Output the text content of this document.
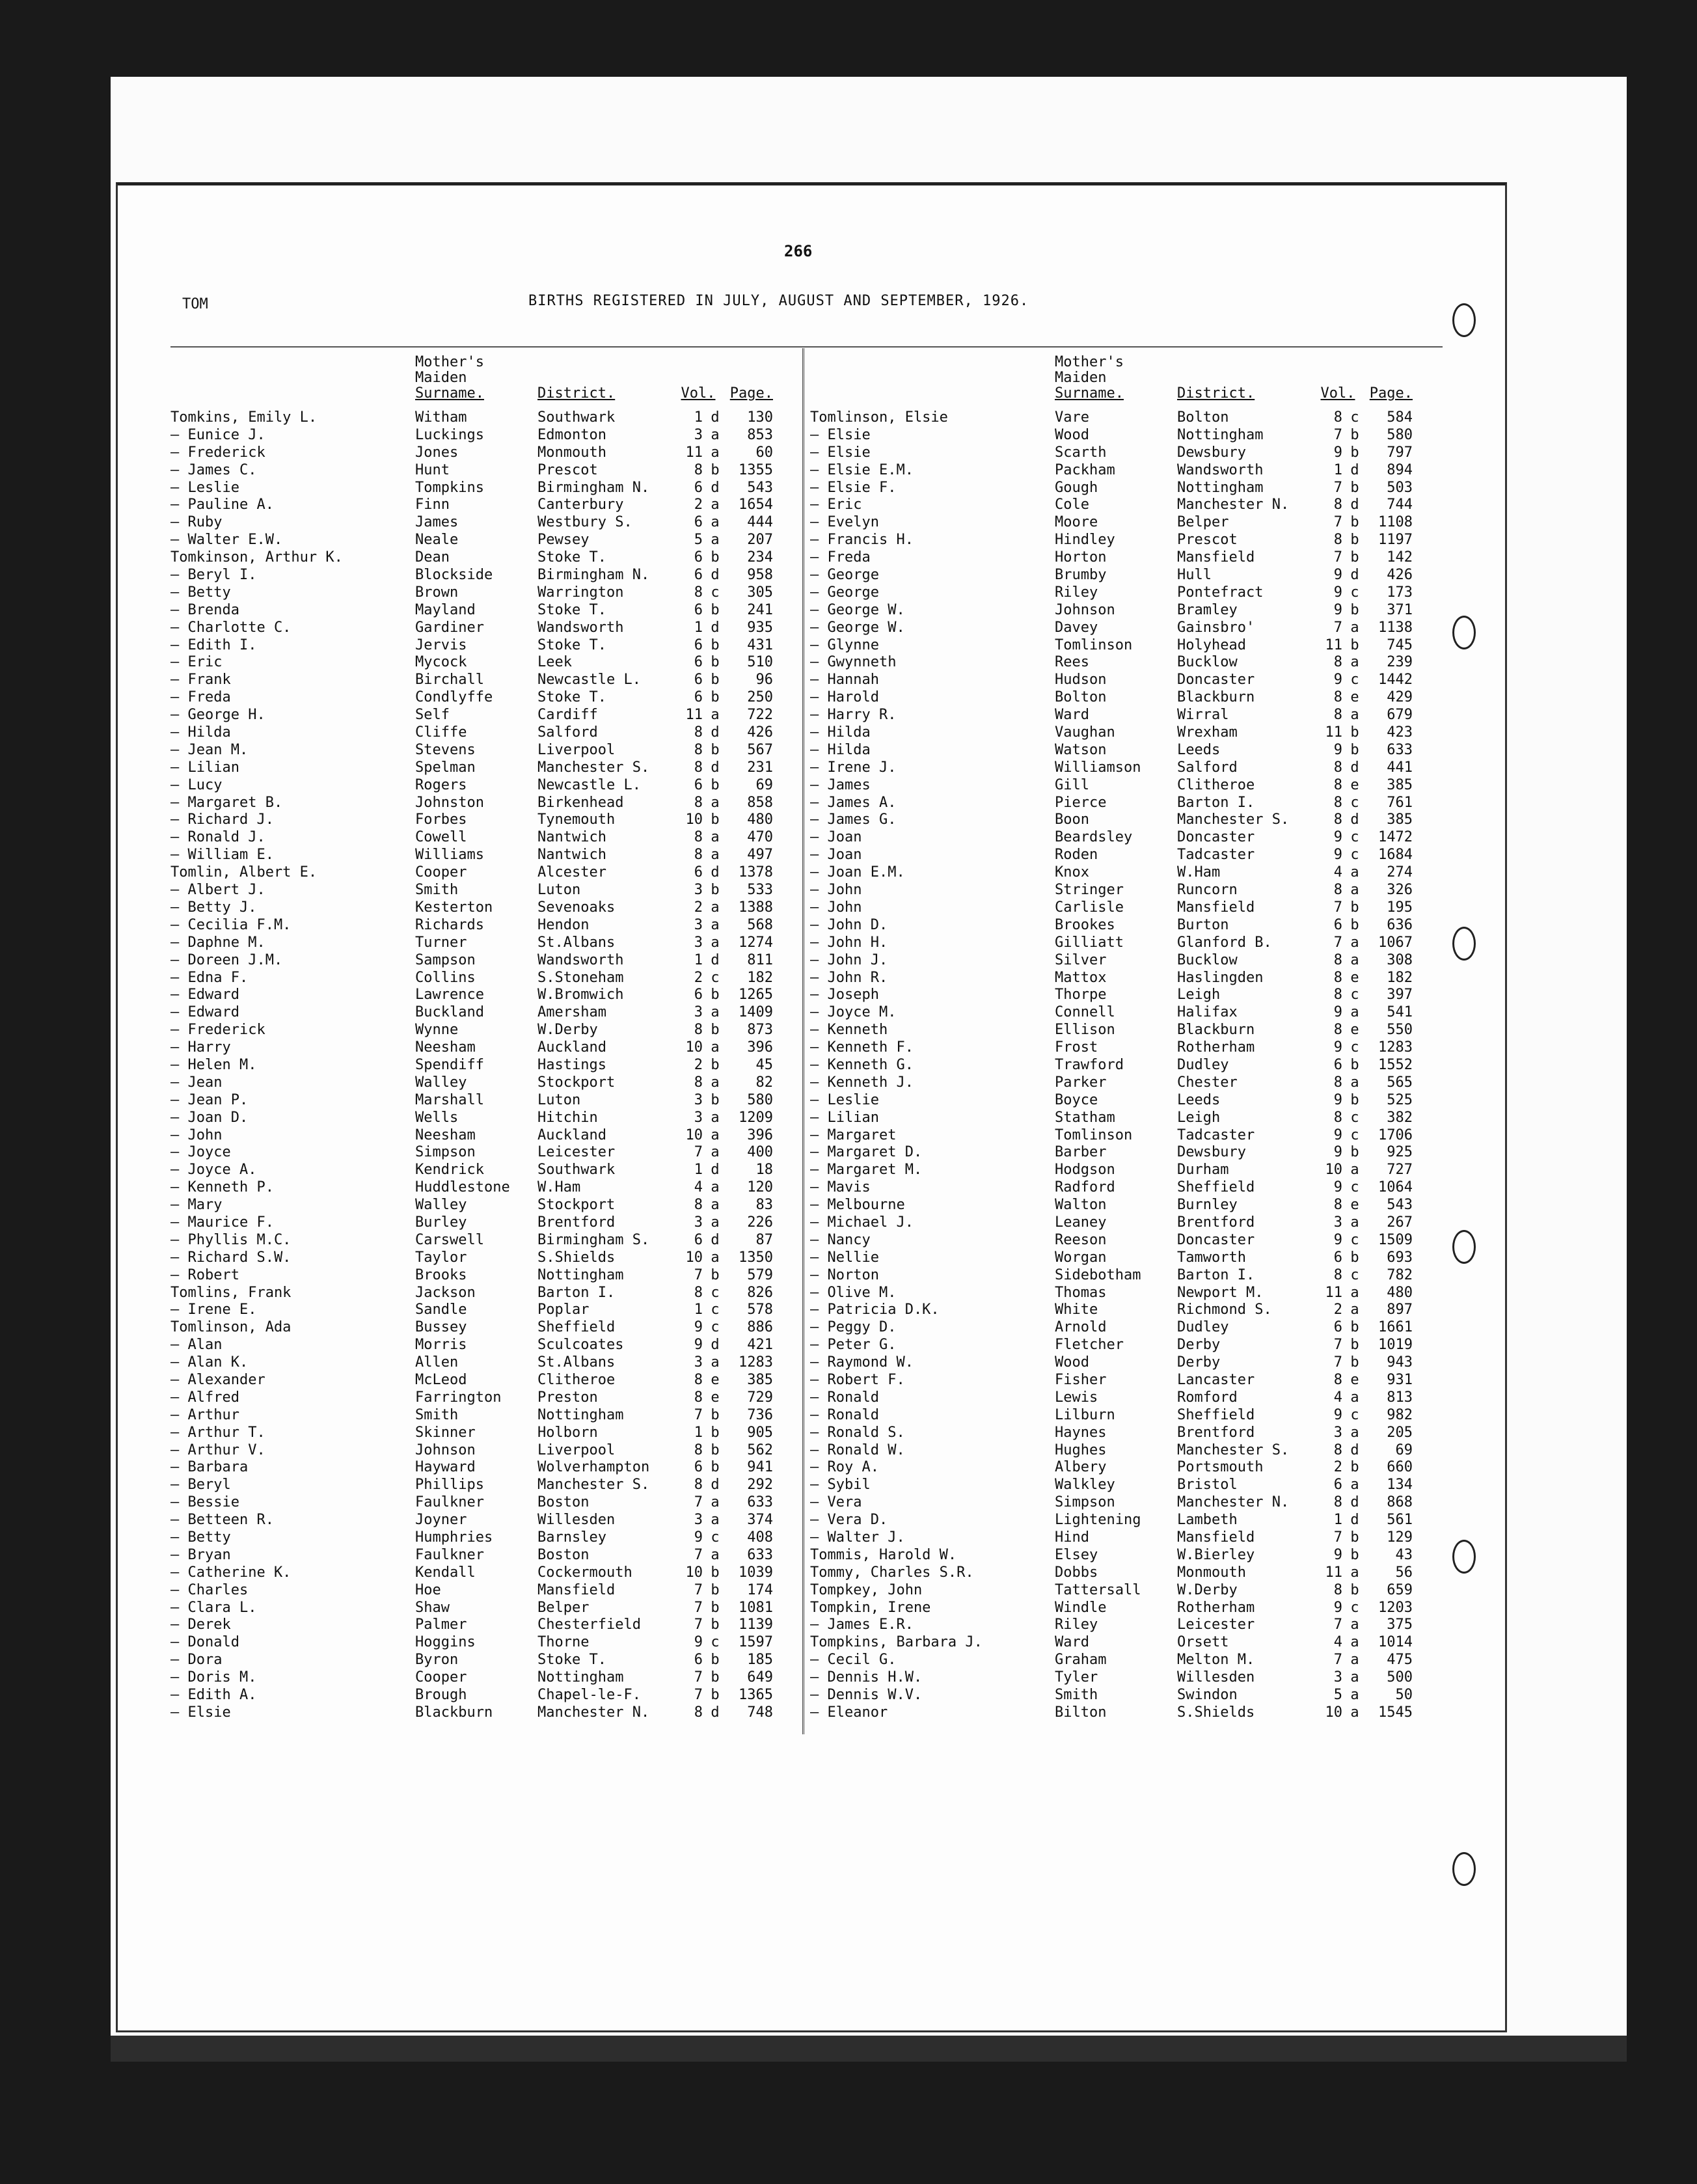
266
TOM	BIRTHS REGISTERED IN JULY, AUGUST AND SEPTEMBER, 1926.
Mother's
Maiden
Surname.	District.	Vol.	Page.
Tomkins, Emily L.	Witham	Southwark	1 d	130
— Eunice J.	Luckings	Edmonton	3 a	853
— Frederick	Jones	Monmouth	11 a	60
— James C.	Hunt	Prescot	8 b	1355
— Leslie	Tompkins	Birmingham N.	6 d	543
— Pauline A.	Finn	Canterbury	2 a	1654
— Ruby	James	Westbury S.	6 a	444
— Walter E.W.	Neale	Pewsey	5 a	207
Tomkinson, Arthur K.	Dean	Stoke T.	6 b	234
— Beryl I.	Blockside	Birmingham N.	6 d	958
— Betty	Brown	Warrington	8 c	305
— Brenda	Mayland	Stoke T.	6 b	241
— Charlotte C.	Gardiner	Wandsworth	1 d	935
— Edith I.	Jervis	Stoke T.	6 b	431
— Eric	Mycock	Leek	6 b	510
— Frank	Birchall	Newcastle L.	6 b	96
— Freda	Condlyffe	Stoke T.	6 b	250
— George H.	Self	Cardiff	11 a	722
— Hilda	Cliffe	Salford	8 d	426
— Jean M.	Stevens	Liverpool	8 b	567
— Lilian	Spelman	Manchester S.	8 d	231
— Lucy	Rogers	Newcastle L.	6 b	69
— Margaret B.	Johnston	Birkenhead	8 a	858
— Richard J.	Forbes	Tynemouth	10 b	480
— Ronald J.	Cowell	Nantwich	8 a	470
— William E.	Williams	Nantwich	8 a	497
Tomlin, Albert E.	Cooper	Alcester	6 d	1378
— Albert J.	Smith	Luton	3 b	533
— Betty J.	Kesterton	Sevenoaks	2 a	1388
— Cecilia F.M.	Richards	Hendon	3 a	568
— Daphne M.	Turner	St.Albans	3 a	1274
— Doreen J.M.	Sampson	Wandsworth	1 d	811
— Edna F.	Collins	S.Stoneham	2 c	182
— Edward	Lawrence	W.Bromwich	6 b	1265
— Edward	Buckland	Amersham	3 a	1409
— Frederick	Wynne	W.Derby	8 b	873
— Harry	Neesham	Auckland	10 a	396
— Helen M.	Spendiff	Hastings	2 b	45
— Jean	Walley	Stockport	8 a	82
— Jean P.	Marshall	Luton	3 b	580
— Joan D.	Wells	Hitchin	3 a	1209
— John	Neesham	Auckland	10 a	396
— Joyce	Simpson	Leicester	7 a	400
— Joyce A.	Kendrick	Southwark	1 d	18
— Kenneth P.	Huddlestone	W.Ham	4 a	120
— Mary	Walley	Stockport	8 a	83
— Maurice F.	Burley	Brentford	3 a	226
— Phyllis M.C.	Carswell	Birmingham S.	6 d	87
— Richard S.W.	Taylor	S.Shields	10 a	1350
— Robert	Brooks	Nottingham	7 b	579
Tomlins, Frank	Jackson	Barton I.	8 c	826
— Irene E.	Sandle	Poplar	1 c	578
Tomlinson, Ada	Bussey	Sheffield	9 c	886
— Alan	Morris	Sculcoates	9 d	421
— Alan K.	Allen	St.Albans	3 a	1283
— Alexander	McLeod	Clitheroe	8 e	385
— Alfred	Farrington	Preston	8 e	729
— Arthur	Smith	Nottingham	7 b	736
— Arthur T.	Skinner	Holborn	1 b	905
— Arthur V.	Johnson	Liverpool	8 b	562
— Barbara	Hayward	Wolverhampton	6 b	941
— Beryl	Phillips	Manchester S.	8 d	292
— Bessie	Faulkner	Boston	7 a	633
— Betteen R.	Joyner	Willesden	3 a	374
— Betty	Humphries	Barnsley	9 c	408
— Bryan	Faulkner	Boston	7 a	633
— Catherine K.	Kendall	Cockermouth	10 b	1039
— Charles	Hoe	Mansfield	7 b	174
— Clara L.	Shaw	Belper	7 b	1081
— Derek	Palmer	Chesterfield	7 b	1139
— Donald	Hoggins	Thorne	9 c	1597
— Dora	Byron	Stoke T.	6 b	185
— Doris M.	Cooper	Nottingham	7 b	649
— Edith A.	Brough	Chapel-le-F.	7 b	1365
— Elsie	Blackburn	Manchester N.	8 d	748
Mother's
Maiden
Surname.	District.	Vol.	Page.
Tomlinson, Elsie	Vare	Bolton	8 c	584
— Elsie	Wood	Nottingham	7 b	580
— Elsie	Scarth	Dewsbury	9 b	797
— Elsie E.M.	Packham	Wandsworth	1 d	894
— Elsie F.	Gough	Nottingham	7 b	503
— Eric	Cole	Manchester N.	8 d	744
— Evelyn	Moore	Belper	7 b	1108
— Francis H.	Hindley	Prescot	8 b	1197
— Freda	Horton	Mansfield	7 b	142
— George	Brumby	Hull	9 d	426
— George	Riley	Pontefract	9 c	173
— George W.	Johnson	Bramley	9 b	371
— George W.	Davey	Gainsbro'	7 a	1138
— Glynne	Tomlinson	Holyhead	11 b	745
— Gwynneth	Rees	Bucklow	8 a	239
— Hannah	Hudson	Doncaster	9 c	1442
— Harold	Bolton	Blackburn	8 e	429
— Harry R.	Ward	Wirral	8 a	679
— Hilda	Vaughan	Wrexham	11 b	423
— Hilda	Watson	Leeds	9 b	633
— Irene J.	Williamson	Salford	8 d	441
— James	Gill	Clitheroe	8 e	385
— James A.	Pierce	Barton I.	8 c	761
— James G.	Boon	Manchester S.	8 d	385
— Joan	Beardsley	Doncaster	9 c	1472
— Joan	Roden	Tadcaster	9 c	1684
— Joan E.M.	Knox	W.Ham	4 a	274
— John	Stringer	Runcorn	8 a	326
— John	Carlisle	Mansfield	7 b	195
— John D.	Brookes	Burton	6 b	636
— John H.	Gilliatt	Glanford B.	7 a	1067
— John J.	Silver	Bucklow	8 a	308
— John R.	Mattox	Haslingden	8 e	182
— Joseph	Thorpe	Leigh	8 c	397
— Joyce M.	Connell	Halifax	9 a	541
— Kenneth	Ellison	Blackburn	8 e	550
— Kenneth F.	Frost	Rotherham	9 c	1283
— Kenneth G.	Trawford	Dudley	6 b	1552
— Kenneth J.	Parker	Chester	8 a	565
— Leslie	Boyce	Leeds	9 b	525
— Lilian	Statham	Leigh	8 c	382
— Margaret	Tomlinson	Tadcaster	9 c	1706
— Margaret D.	Barber	Dewsbury	9 b	925
— Margaret M.	Hodgson	Durham	10 a	727
— Mavis	Radford	Sheffield	9 c	1064
— Melbourne	Walton	Burnley	8 e	543
— Michael J.	Leaney	Brentford	3 a	267
— Nancy	Reeson	Doncaster	9 c	1509
— Nellie	Worgan	Tamworth	6 b	693
— Norton	Sidebotham	Barton I.	8 c	782
— Olive M.	Thomas	Newport M.	11 a	480
— Patricia D.K.	White	Richmond S.	2 a	897
— Peggy D.	Arnold	Dudley	6 b	1661
— Peter G.	Fletcher	Derby	7 b	1019
— Raymond W.	Wood	Derby	7 b	943
— Robert F.	Fisher	Lancaster	8 e	931
— Ronald	Lewis	Romford	4 a	813
— Ronald	Lilburn	Sheffield	9 c	982
— Ronald S.	Haynes	Brentford	3 a	205
— Ronald W.	Hughes	Manchester S.	8 d	69
— Roy A.	Albery	Portsmouth	2 b	660
— Sybil	Walkley	Bristol	6 a	134
— Vera	Simpson	Manchester N.	8 d	868
— Vera D.	Lightening	Lambeth	1 d	561
— Walter J.	Hind	Mansfield	7 b	129
Tommis, Harold W.	Elsey	W.Bierley	9 b	43
Tommy, Charles S.R.	Dobbs	Monmouth	11 a	56
Tompkey, John	Tattersall	W.Derby	8 b	659
Tompkin, Irene	Windle	Rotherham	9 c	1203
— James E.R.	Riley	Leicester	7 a	375
Tompkins, Barbara J.	Ward	Orsett	4 a	1014
— Cecil G.	Graham	Melton M.	7 a	475
— Dennis H.W.	Tyler	Willesden	3 a	500
— Dennis W.V.	Smith	Swindon	5 a	50
— Eleanor	Bilton	S.Shields	10 a	1545
